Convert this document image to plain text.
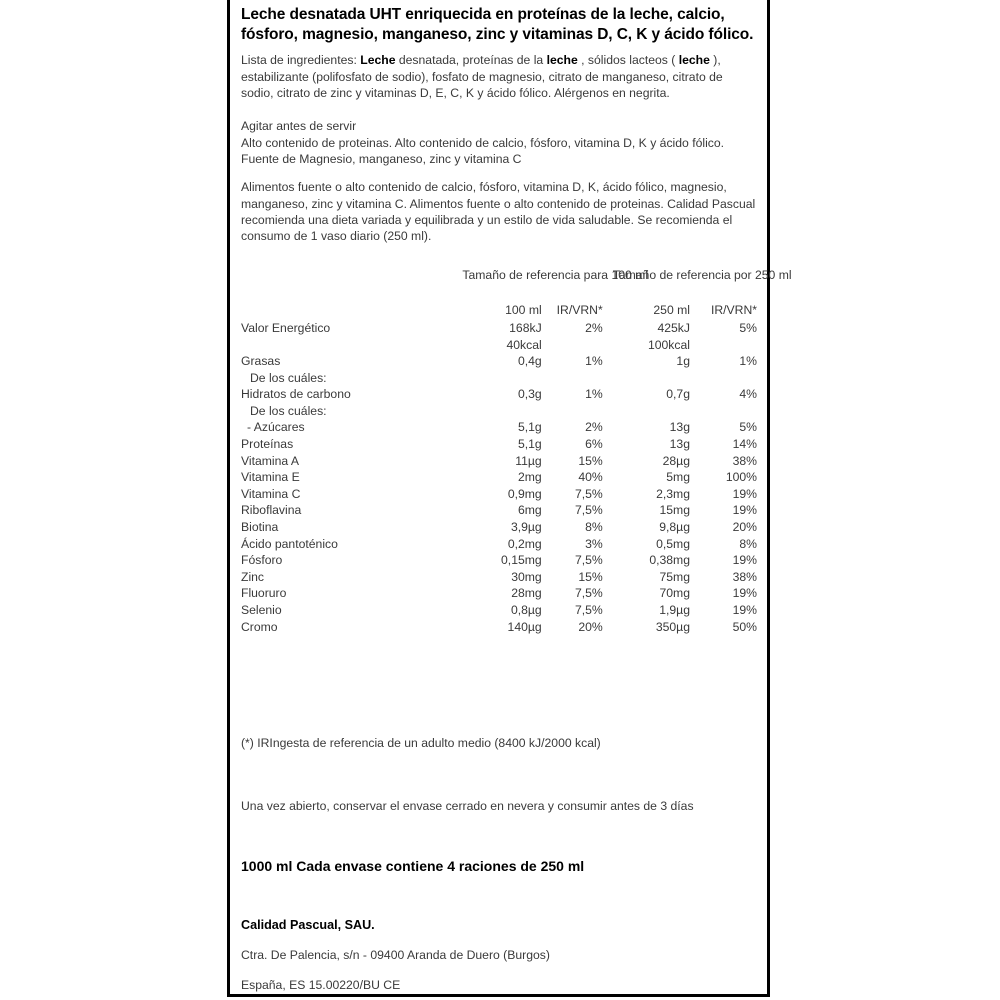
Leche desnatada UHT enriquecida en proteínas de la leche, calcio, fósforo, magnesio, manganeso, zinc y vitaminas D, C, K y ácido fólico.

Lista de ingredientes: Leche desnatada, proteínas de la leche , sólidos lacteos ( leche ), estabilizante (polifosfato de sodio), fosfato de magnesio, citrato de manganeso, citrato de sodio, citrato de zinc y vitaminas D, E, C, K y ácido fólico. Alérgenos en negrita.

Agitar antes de servir

Alto contenido de proteinas. Alto contenido de calcio, fósforo, vitamina D, K y ácido fólico. Fuente de Magnesio, manganeso, zinc y vitamina C

Alimentos fuente o alto contenido de calcio, fósforo, vitamina D, K, ácido fólico, magnesio, manganeso, zinc y vitamina C. Alimentos fuente o alto contenido de proteinas. Calidad Pascual recomienda una dieta variada y equilibrada y un estilo de vida saludable. Se recomienda el consumo de 1 vaso diario (250 ml).

	Tamaño de referencia para 100 ml		Tamaño de referencia por 250 ml	

	100 ml	IR/VRN*	250 ml	IR/VRN*
Valor Energético	168kJ	2%	425kJ	5%
	40kcal		100kcal	
Grasas	0,4g	1%	1g	1%
De los cuáles:				
Hidratos de carbono	0,3g	1%	0,7g	4%
De los cuáles:				
- Azúcares	5,1g	2%	13g	5%
Proteínas	5,1g	6%	13g	14%
Vitamina A	11µg	15%	28µg	38%
Vitamina E	2mg	40%	5mg	100%
Vitamina C	0,9mg	7,5%	2,3mg	19%
Riboflavina	6mg	7,5%	15mg	19%
Biotina	3,9µg	8%	9,8µg	20%
Ácido pantoténico	0,2mg	3%	0,5mg	8%
Fósforo	0,15mg	7,5%	0,38mg	19%
Zinc	30mg	15%	75mg	38%
Fluoruro	28mg	7,5%	70mg	19%
Selenio	0,8µg	7,5%	1,9µg	19%
Cromo	140µg	20%	350µg	50%

(*) IRIngesta de referencia de un adulto medio (8400 kJ/2000 kcal)

Una vez abierto, conservar el envase cerrado en nevera y consumir antes de 3 días

1000 ml Cada envase contiene 4 raciones de 250 ml

Calidad Pascual, SAU.

Ctra. De Palencia, s/n - 09400 Aranda de Duero (Burgos)

España, ES 15.00220/BU CE
